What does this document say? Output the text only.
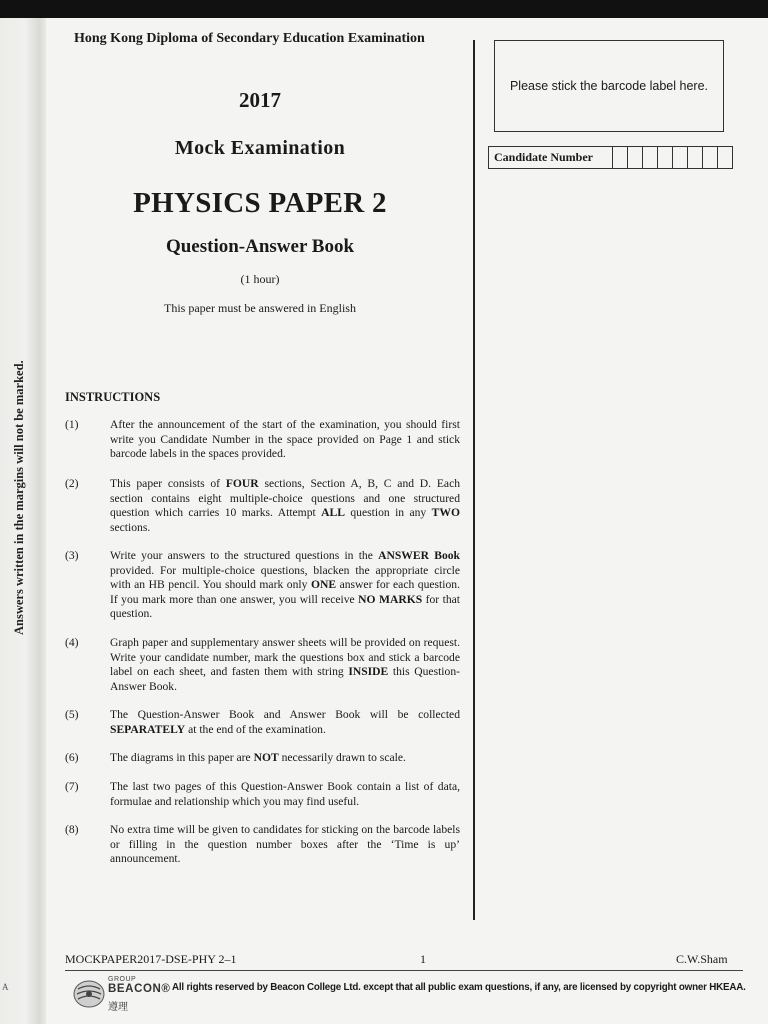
Answers written in the margins will not be marked.
A
Hong Kong Diploma of Secondary Education Examination
2017
Mock Examination
PHYSICS PAPER 2
Question-Answer Book
(1 hour)
This paper must be answered in English
Please stick the barcode label here.
Candidate Number
INSTRUCTIONS
(1)	After the announcement of the start of the examination, you should first write you Candidate Number in the space provided on Page 1 and stick barcode labels in the spaces provided.
(2)	This paper consists of FOUR sections, Section A, B, C and D. Each section contains eight multiple-choice questions and one structured question which carries 10 marks. Attempt ALL question in any TWO sections.
(3)	Write your answers to the structured questions in the ANSWER Book provided. For multiple-choice questions, blacken the appropriate circle with an HB pencil. You should mark only ONE answer for each question. If you mark more than one answer, you will receive NO MARKS for that question.
(4)	Graph paper and supplementary answer sheets will be provided on request. Write your candidate number, mark the questions box and stick a barcode label on each sheet, and fasten them with string INSIDE this Question-Answer Book.
(5)	The Question-Answer Book and Answer Book will be collected SEPARATELY at the end of the examination.
(6)	The diagrams in this paper are NOT necessarily drawn to scale.
(7)	The last two pages of this Question-Answer Book contain a list of data, formulae and relationship which you may find useful.
(8)	No extra time will be given to candidates for sticking on the barcode labels or filling in the question number boxes after the ‘Time is up’ announcement.
MOCKPAPER2017-DSE-PHY 2–1	1	C.W.Sham
GROUP
BEACON®
遵理
All rights reserved by Beacon College Ltd. except that all public exam questions, if any, are licensed by copyright owner HKEAA.
